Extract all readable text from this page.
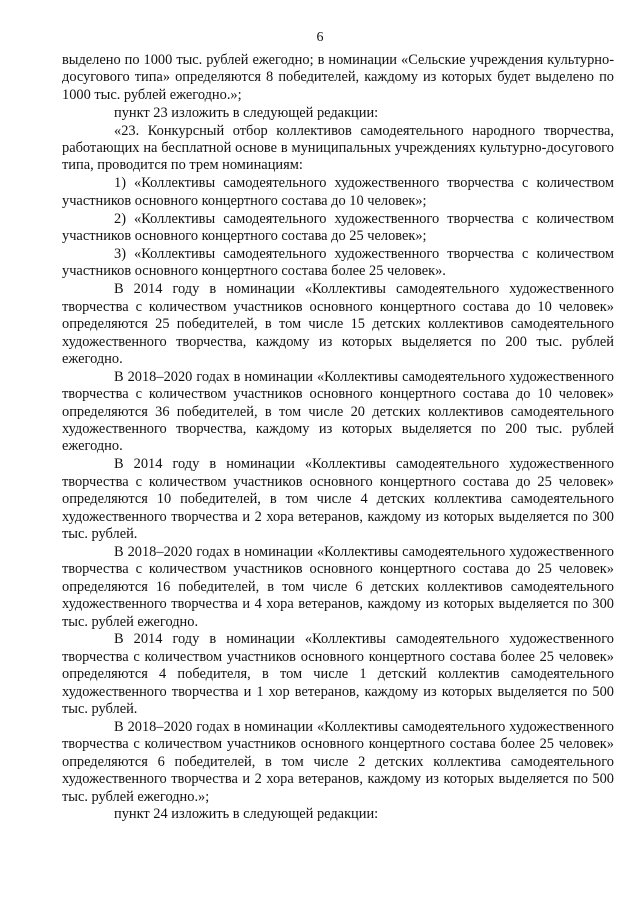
6

выделено по 1000 тыс. рублей ежегодно; в номинации «Сельские учреждения культурно-досугового типа» определяются 8 победителей, каждому из которых будет выделено по 1000 тыс. рублей ежегодно.»;

пункт 23 изложить в следующей редакции:

«23. Конкурсный отбор коллективов самодеятельного народного творчества, работающих на бесплатной основе в муниципальных учреждениях культурно-досугового типа, проводится по трем номинациям:

1) «Коллективы самодеятельного художественного творчества с количеством участников основного концертного состава до 10 человек»;

2) «Коллективы самодеятельного художественного творчества с количеством участников основного концертного состава до 25 человек»;

3) «Коллективы самодеятельного художественного творчества с количеством участников основного концертного состава более 25 человек».

В 2014 году в номинации «Коллективы самодеятельного художественного творчества с количеством участников основного концертного состава до 10 человек» определяются 25 победителей, в том числе 15 детских коллективов самодеятельного художественного творчества, каждому из которых выделяется по 200 тыс. рублей ежегодно.

В 2018–2020 годах в номинации «Коллективы самодеятельного художественного творчества с количеством участников основного концертного состава до 10 человек» определяются 36 победителей, в том числе 20 детских коллективов самодеятельного художественного творчества, каждому из которых выделяется по 200 тыс. рублей ежегодно.

В 2014 году в номинации «Коллективы самодеятельного художественного творчества с количеством участников основного концертного состава до 25 человек» определяются 10 победителей, в том числе 4 детских коллектива самодеятельного художественного творчества и 2 хора ветеранов, каждому из которых выделяется по 300 тыс. рублей.

В 2018–2020 годах в номинации «Коллективы самодеятельного художественного творчества с количеством участников основного концертного состава до 25 человек» определяются 16 победителей, в том числе 6 детских коллективов самодеятельного художественного творчества и 4 хора ветеранов, каждому из которых выделяется по 300 тыс. рублей ежегодно.

В 2014 году в номинации «Коллективы самодеятельного художественного творчества с количеством участников основного концертного состава более 25 человек» определяются 4 победителя, в том числе 1 детский коллектив самодеятельного художественного творчества и 1 хор ветеранов, каждому из которых выделяется по 500 тыс. рублей.

В 2018–2020 годах в номинации «Коллективы самодеятельного художественного творчества с количеством участников основного концертного состава более 25 человек» определяются 6 победителей, в том числе 2 детских коллектива самодеятельного художественного творчества и 2 хора ветеранов, каждому из которых выделяется по 500 тыс. рублей ежегодно.»;

пункт 24 изложить в следующей редакции:
